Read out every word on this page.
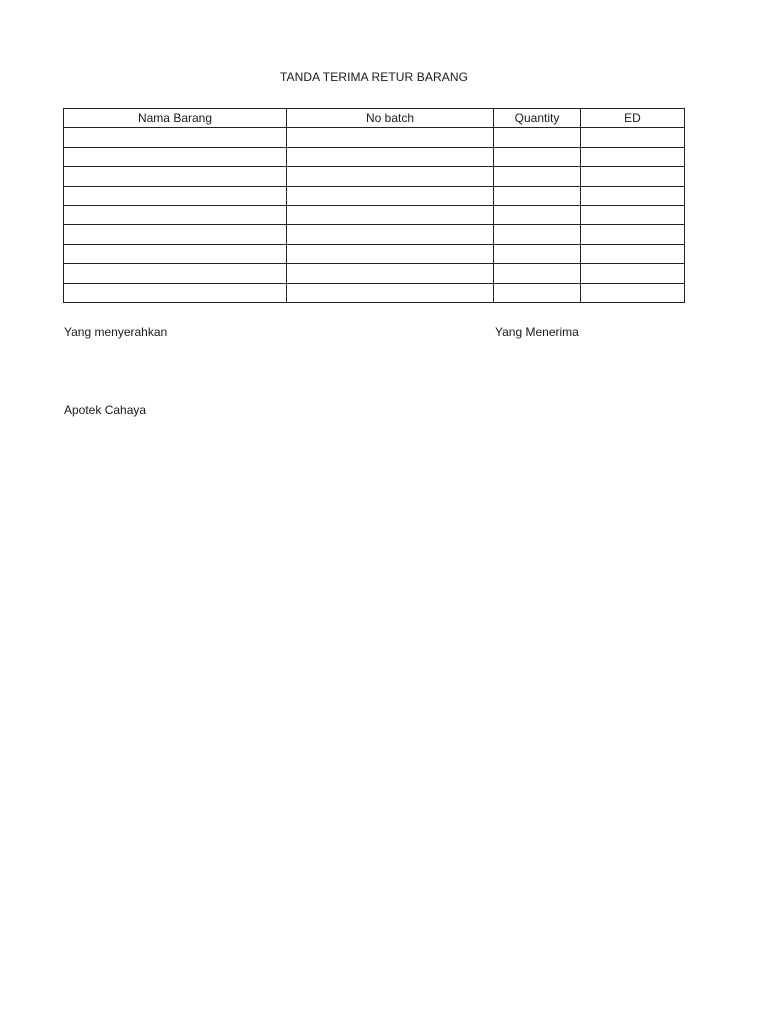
TANDA TERIMA RETUR BARANG
Nama Barang	No batch	Quantity	ED

Yang menyerahkan	Yang Menerima
Apotek Cahaya
